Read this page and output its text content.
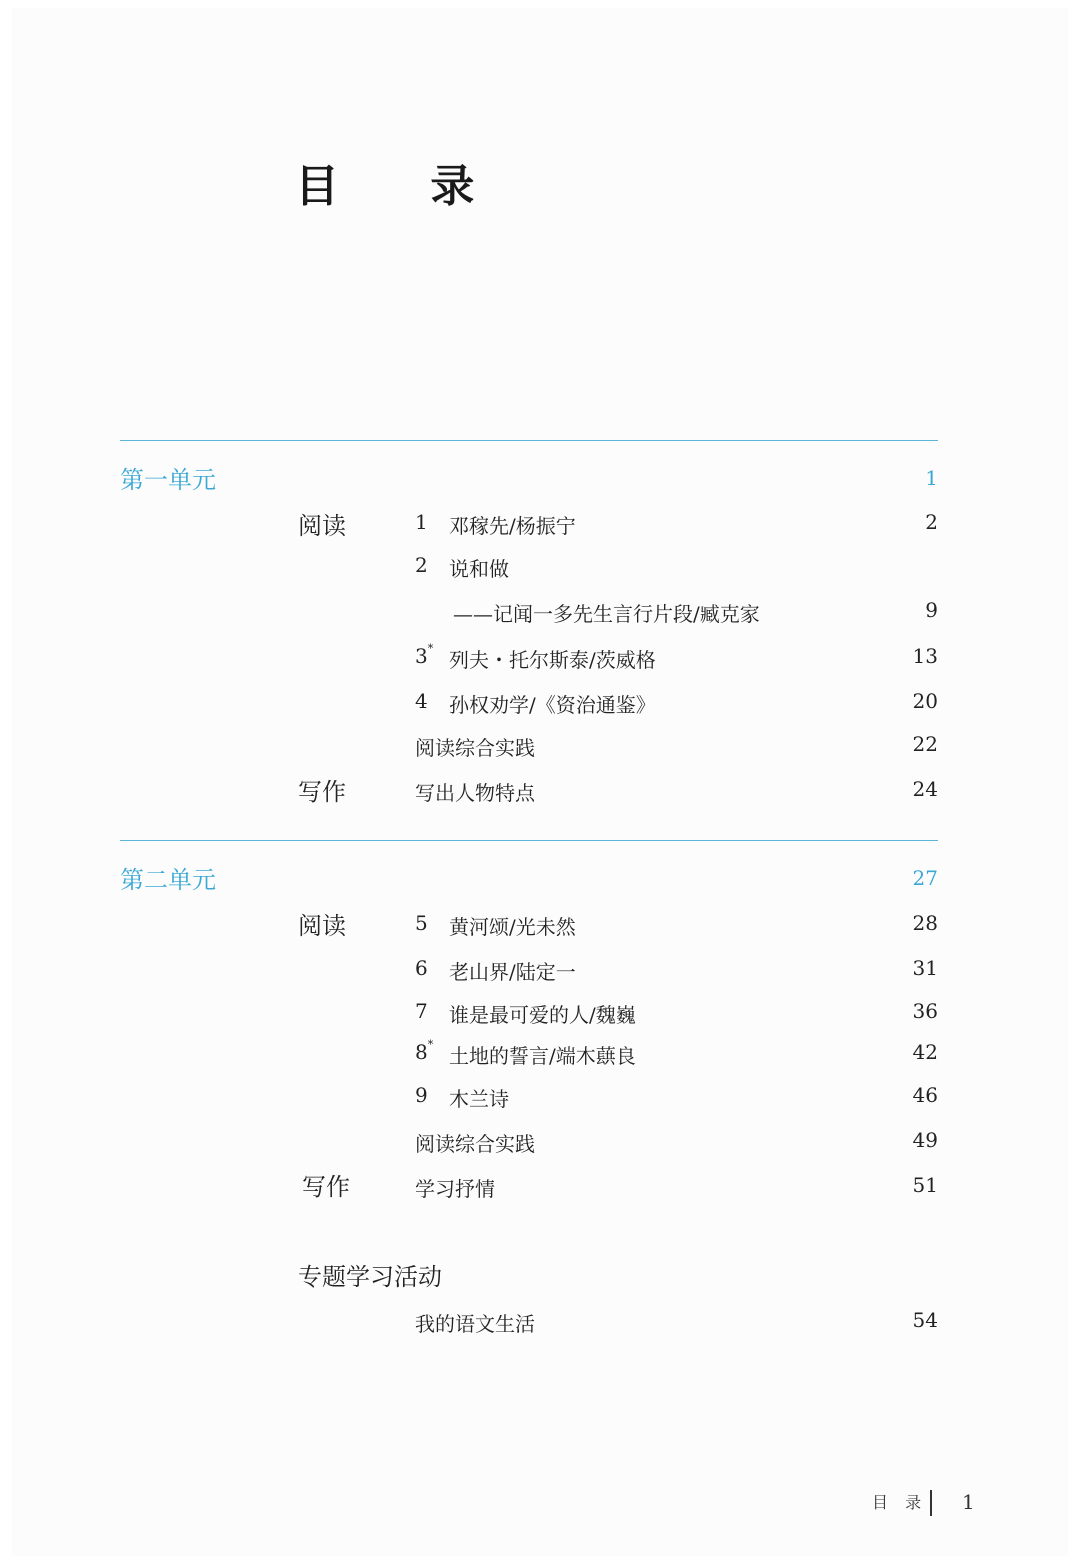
目 录
第一单元	1
阅读	1	邓稼先/杨振宁	2
2	说和做
——记闻一多先生言行片段/臧克家	9
3* 列夫・托尔斯泰/茨威格	13
4	孙权劝学/《资治通鉴》	20
阅读综合实践	22
写作	写出人物特点	24
第二单元	27
阅读	5	黄河颂/光未然	28
6	老山界/陆定一	31
7	谁是最可爱的人/魏巍	36
8* 土地的誓言/端木蕻良	42
9	木兰诗	46
阅读综合实践	49
写作	学习抒情	51
专题学习活动
我的语文生活	54
目 录 1
